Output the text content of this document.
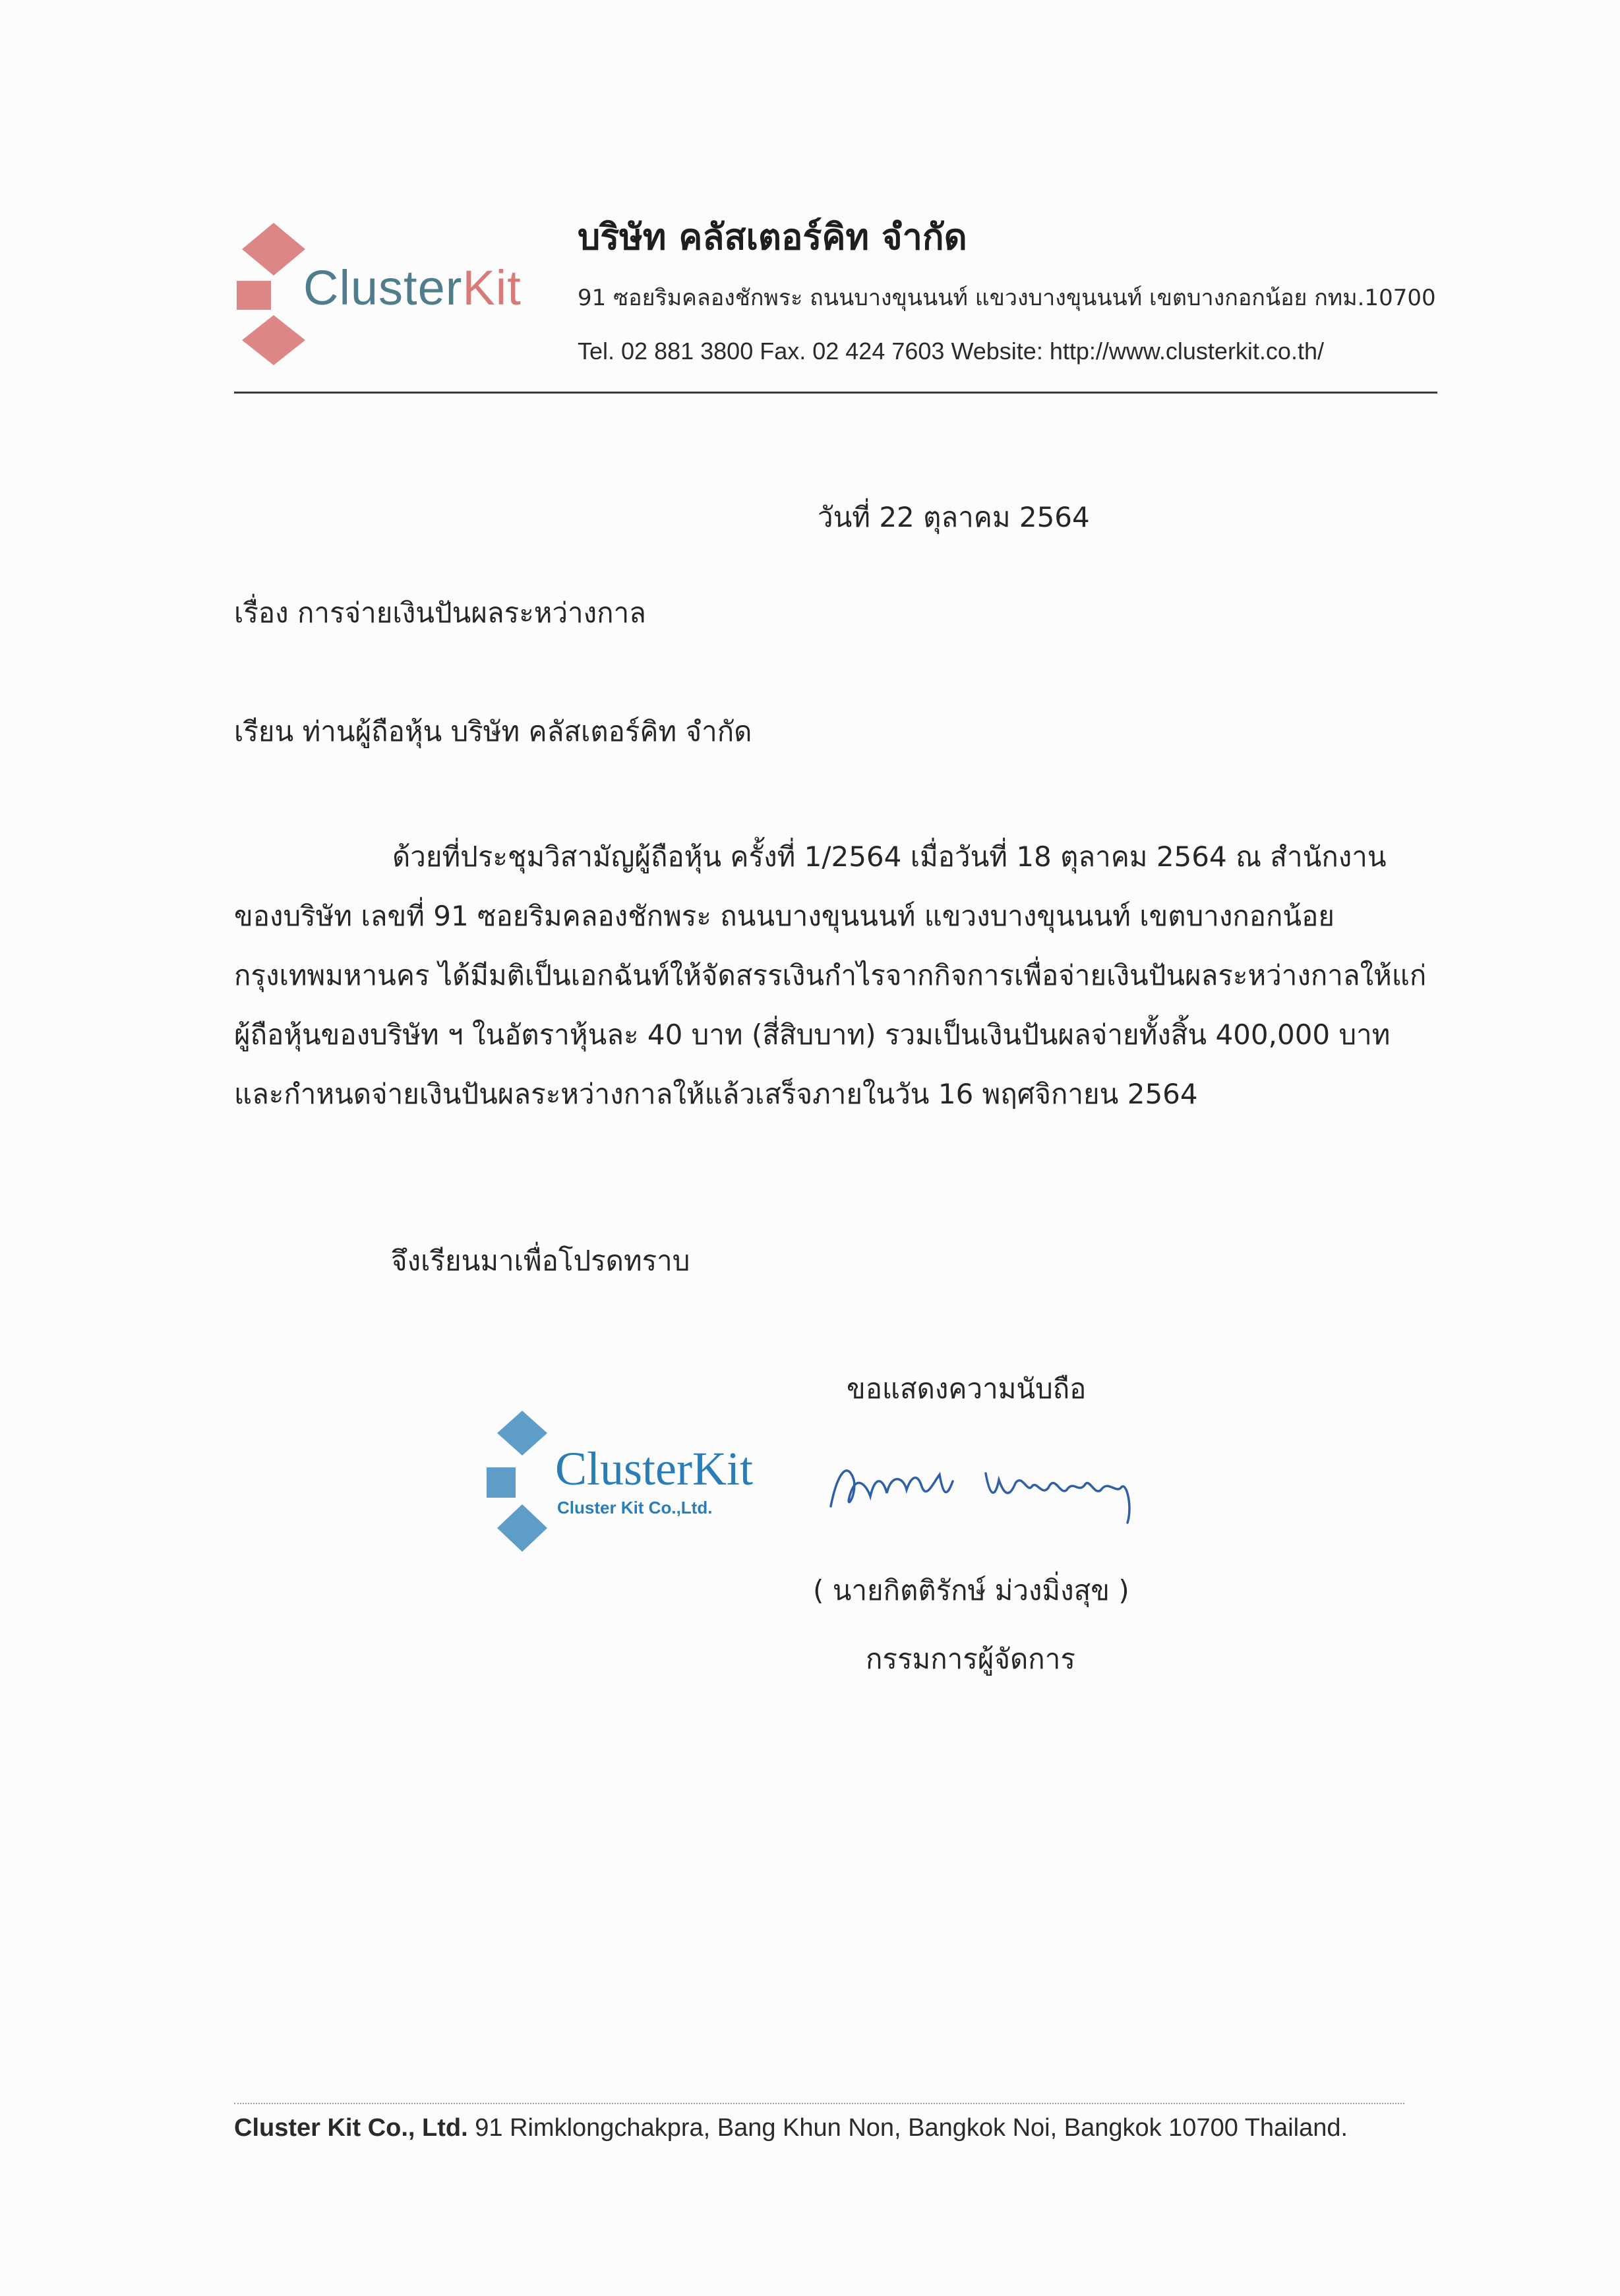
ClusterKit
บริษัท คลัสเตอร์คิท จำกัด
91 ซอยริมคลองชักพระ ถนนบางขุนนนท์ แขวงบางขุนนนท์ เขตบางกอกน้อย กทม.10700
Tel. 02 881 3800 Fax. 02 424 7603 Website: http://www.clusterkit.co.th/
วันที่ 22 ตุลาคม 2564
เรื่อง การจ่ายเงินปันผลระหว่างกาล
เรียน ท่านผู้ถือหุ้น บริษัท คลัสเตอร์คิท จำกัด
ด้วยที่ประชุมวิสามัญผู้ถือหุ้น ครั้งที่ 1/2564 เมื่อวันที่ 18 ตุลาคม 2564 ณ สำนักงาน
ของบริษัท เลขที่ 91 ซอยริมคลองชักพระ ถนนบางขุนนนท์ แขวงบางขุนนนท์ เขตบางกอกน้อย
กรุงเทพมหานคร ได้มีมติเป็นเอกฉันท์ให้จัดสรรเงินกำไรจากกิจการเพื่อจ่ายเงินปันผลระหว่างกาลให้แก่
ผู้ถือหุ้นของบริษัท ฯ ในอัตราหุ้นละ 40 บาท (สี่สิบบาท) รวมเป็นเงินปันผลจ่ายทั้งสิ้น 400,000 บาท
และกำหนดจ่ายเงินปันผลระหว่างกาลให้แล้วเสร็จภายในวัน 16 พฤศจิกายน 2564
จึงเรียนมาเพื่อโปรดทราบ
ขอแสดงความนับถือ
ClusterKit
Cluster Kit Co.,Ltd.
( นายกิตติรักษ์ ม่วงมิ่งสุข )
กรรมการผู้จัดการ
Cluster Kit Co., Ltd. 91 Rimklongchakpra, Bang Khun Non, Bangkok Noi, Bangkok 10700 Thailand.
